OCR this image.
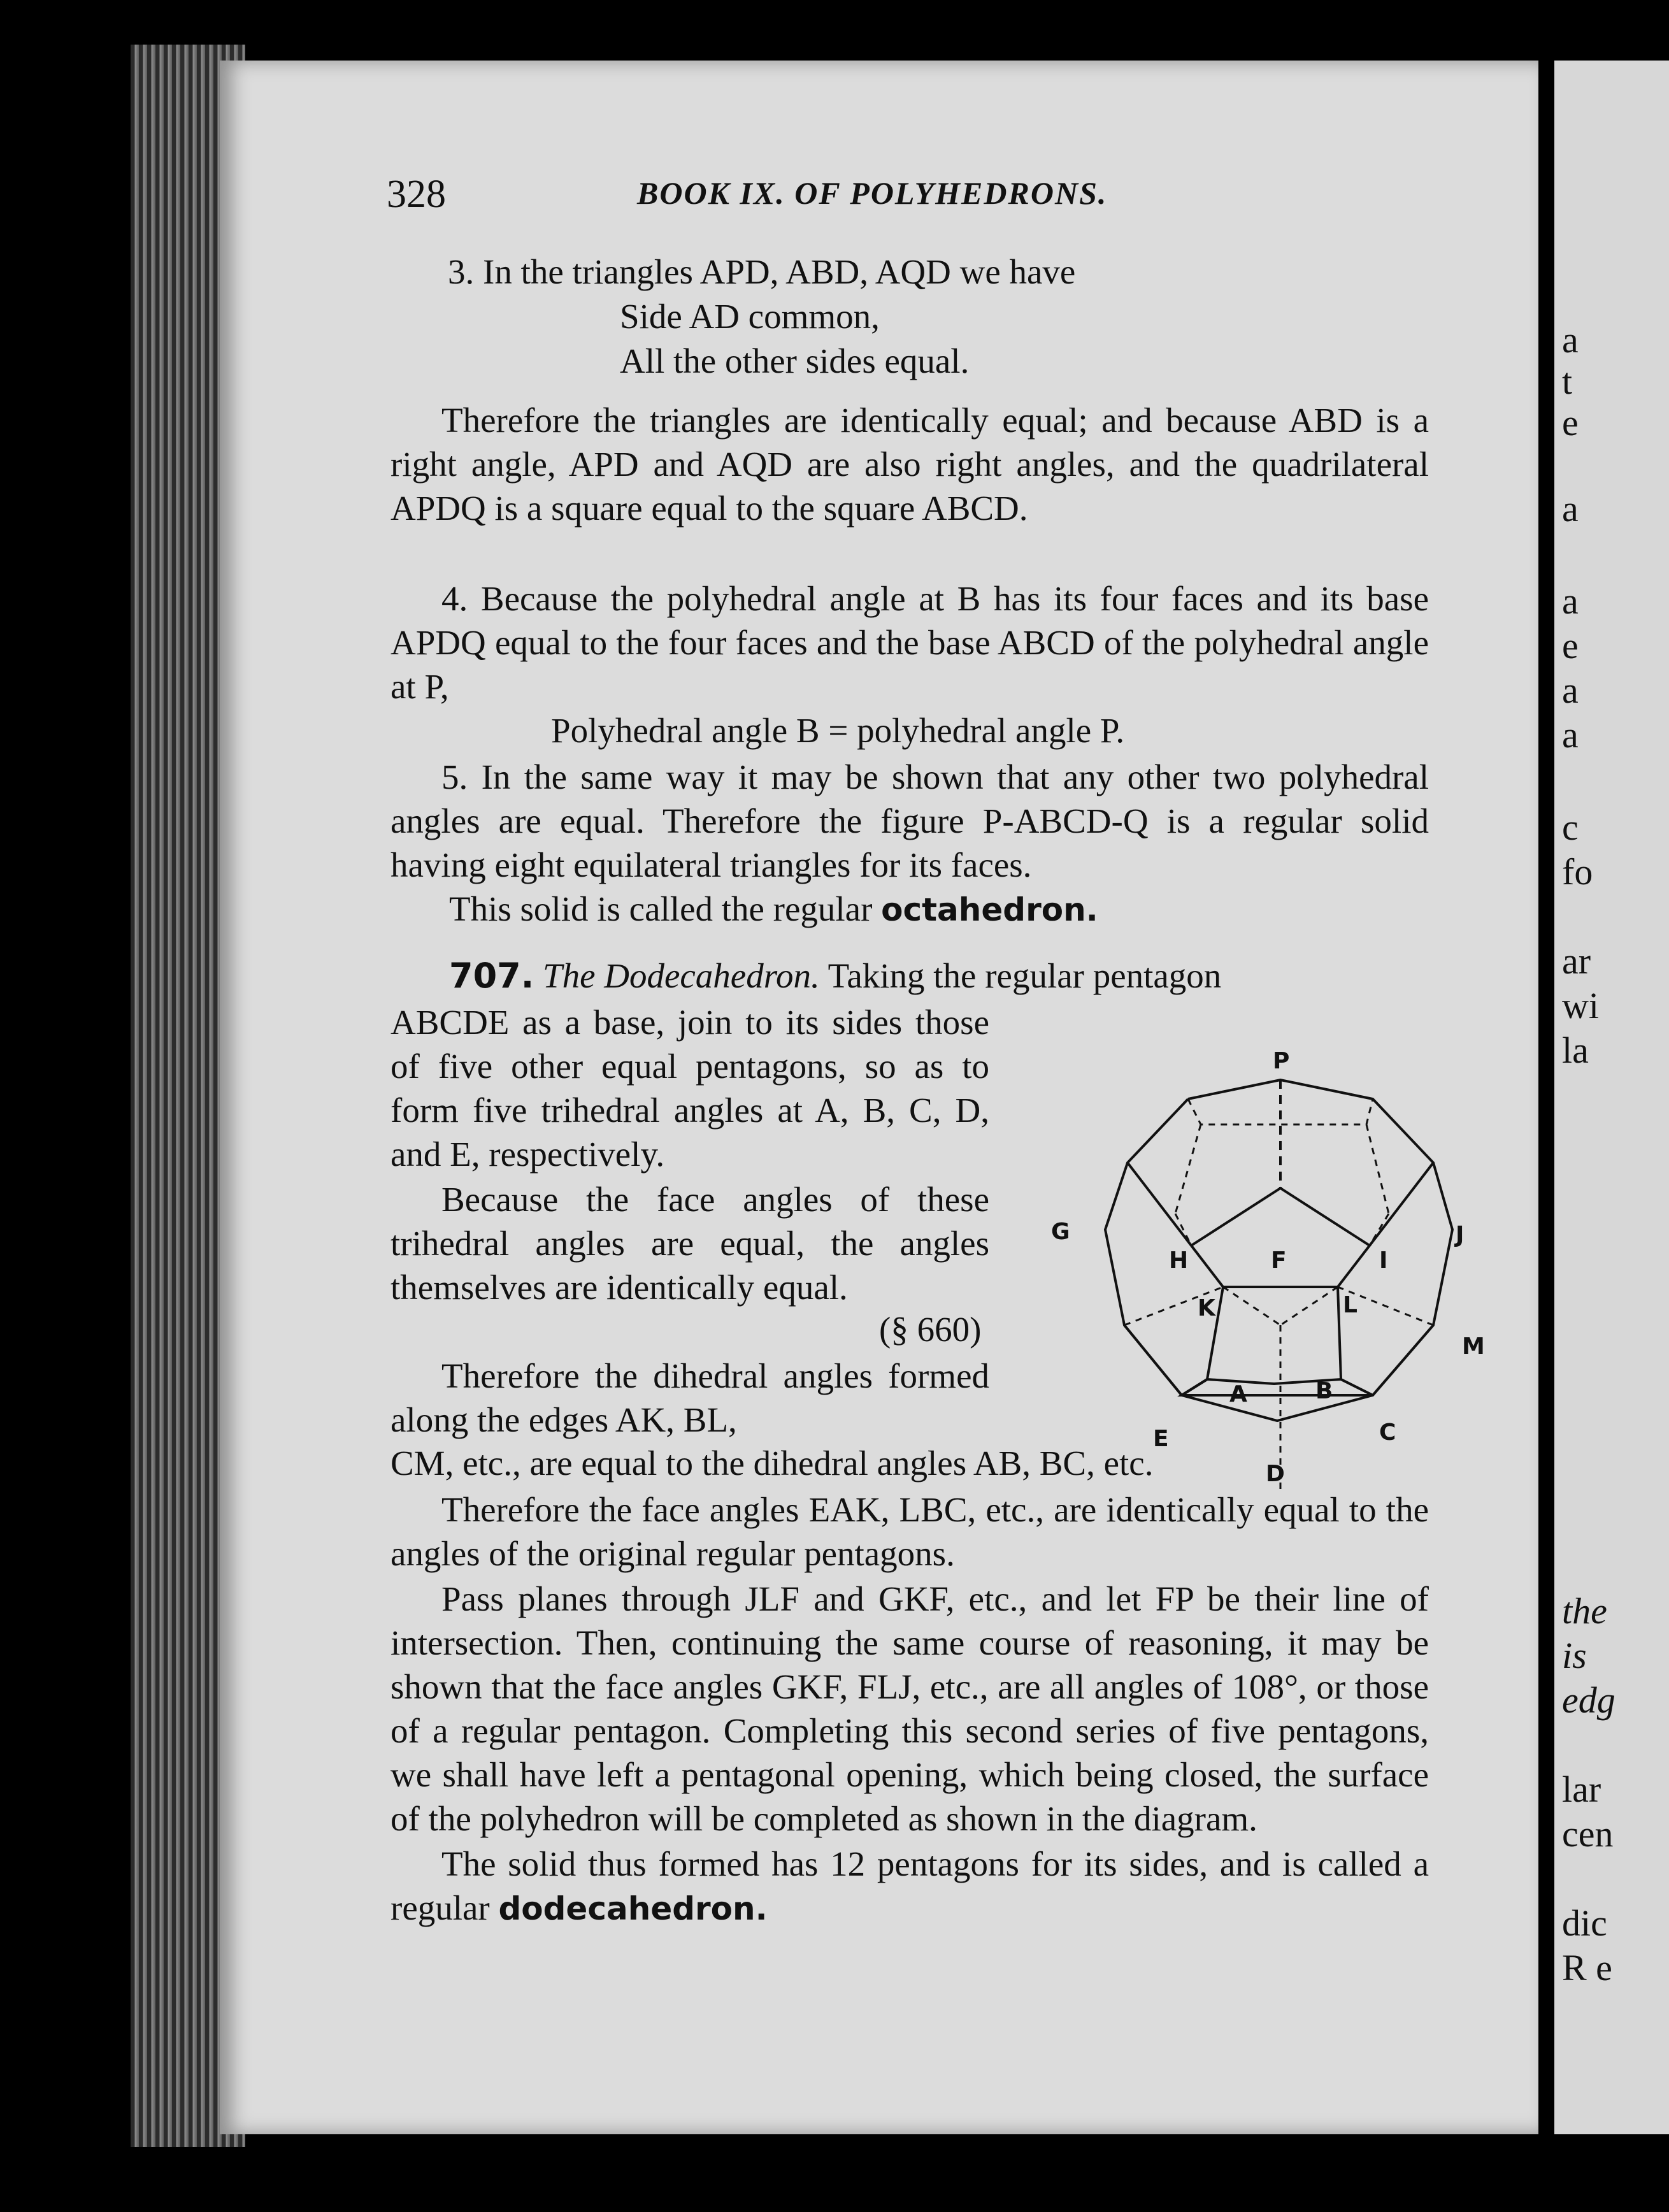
328	BOOK IX. OF POLYHEDRONS.
3. In the triangles APD, ABD, AQD we have
Side AD common,
All the other sides equal.
Therefore the triangles are identically equal; and because ABD is a right angle, APD and AQD are also right angles, and the quadrilateral APDQ is a square equal to the square ABCD.
4. Because the polyhedral angle at B has its four faces and its base APDQ equal to the four faces and the base ABCD of the polyhedral angle at P,
Polyhedral angle B = polyhedral angle P.
5. In the same way it may be shown that any other two polyhedral angles are equal. Therefore the figure P-ABCD-Q is a regular solid having eight equilateral triangles for its faces.
This solid is called the regular octahedron.
707. The Dodecahedron. Taking the regular pentagon
ABCDE as a base, join to its sides those of five other equal pentagons, so as to form five trihedral angles at A, B, C, D, and E, respectively.
Because the face angles of these trihedral angles are equal, the angles themselves are identically equal.
(§ 660)
Therefore the dihedral angles formed along the edges AK, BL,
CM, etc., are equal to the dihedral angles AB, BC, etc.
Therefore the face angles EAK, LBC, etc., are identically equal to the angles of the original regular pentagons.
Pass planes through JLF and GKF, etc., and let FP be their line of intersection. Then, continuing the same course of reasoning, it may be shown that the face angles GKF, FLJ, etc., are all angles of 108°, or those of a regular pentagon. Completing this second series of five pentagons, we shall have left a pentagonal opening, which being closed, the surface of the polyhedron will be completed as shown in the diagram.
The solid thus formed has 12 pentagons for its sides, and is called a regular dodecahedron.
P
G	J
H	F	I
K	L
M
A	B
E	C
D
a
t
e
a
a
e
a
a
c
fo
ar
wi
la
the
is
edg
lar
cen
dic
R e
